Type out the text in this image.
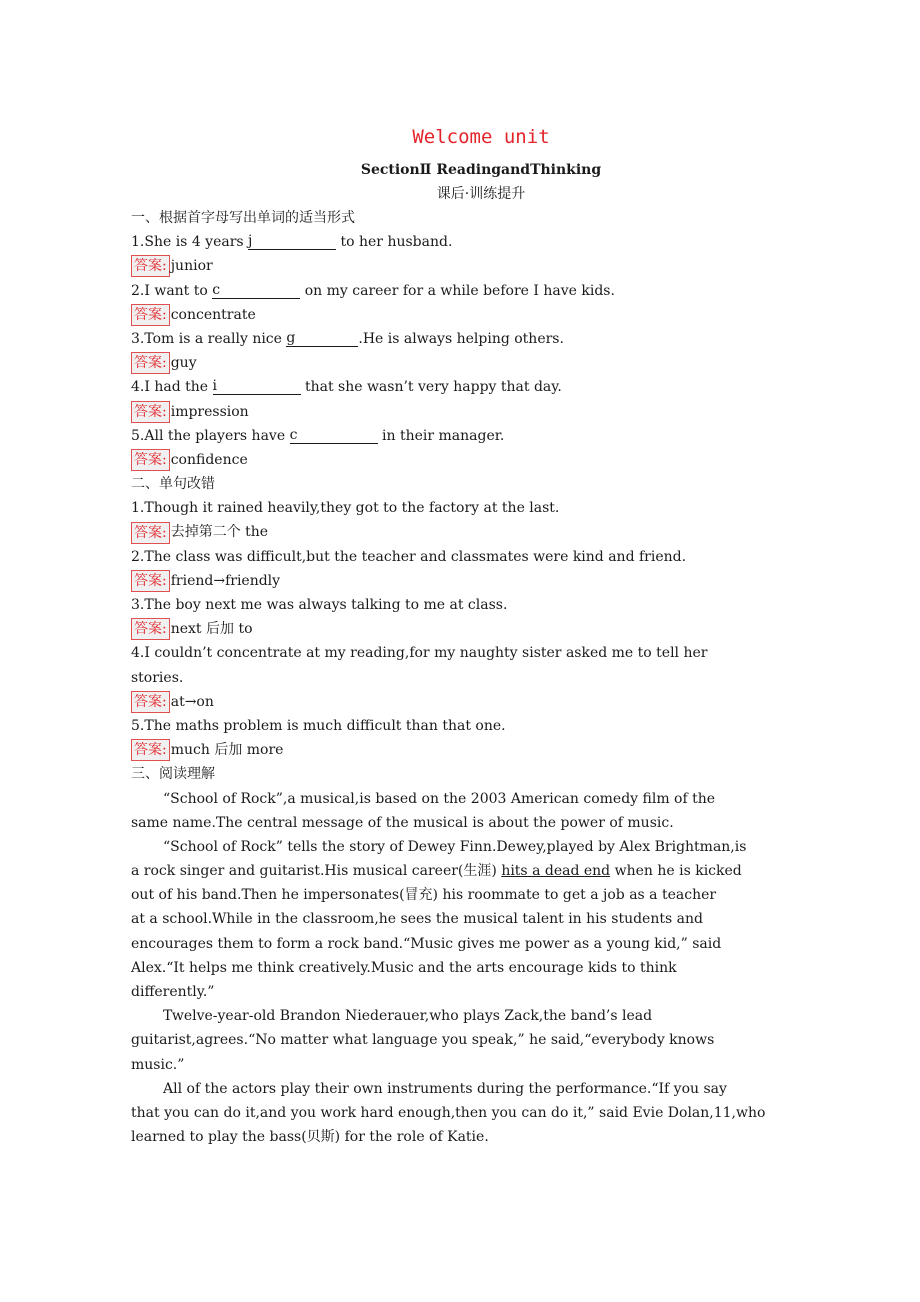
Welcome unit
SectionⅡ ReadingandThinking
课后·训练提升
一、根据首字母写出单词的适当形式
1.She is 4 years j	to her husband.
答案: junior
2.I want to c	on my career for a while before I have kids.
答案: concentrate
3.Tom is a really nice g	.He is always helping others.
答案: guy
4.I had the i	that she wasn’t very happy that day.
答案: impression
5.All the players have c	in their manager.
答案: confidence
二、单句改错
1.Though it rained heavily,they got to the factory at the last.
答案: 去掉第二个 the
2.The class was difficult,but the teacher and classmates were kind and friend.
答案: friend→friendly
3.The boy next me was always talking to me at class.
答案: next 后加 to
4.I couldn’t concentrate at my reading,for my naughty sister asked me to tell her
stories.
答案: at→on
5.The maths problem is much difficult than that one.
答案: much 后加 more
三、阅读理解
“School of Rock”,a musical,is based on the 2003 American comedy film of the
same name.The central message of the musical is about the power of music.
“School of Rock” tells the story of Dewey Finn.Dewey,played by Alex Brightman,is
a rock singer and guitarist.His musical career(生涯) hits a dead end when he is kicked
out of his band.Then he impersonates(冒充) his roommate to get a job as a teacher
at a school.While in the classroom,he sees the musical talent in his students and
encourages them to form a rock band.“Music gives me power as a young kid,” said
Alex.“It helps me think creatively.Music and the arts encourage kids to think
differently.”
Twelve-year-old Brandon Niederauer,who plays Zack,the band’s lead
guitarist,agrees.“No matter what language you speak,” he said,“everybody knows
music.”
All of the actors play their own instruments during the performance.“If you say
that you can do it,and you work hard enough,then you can do it,” said Evie Dolan,11,who
learned to play the bass(贝斯) for the role of Katie.
